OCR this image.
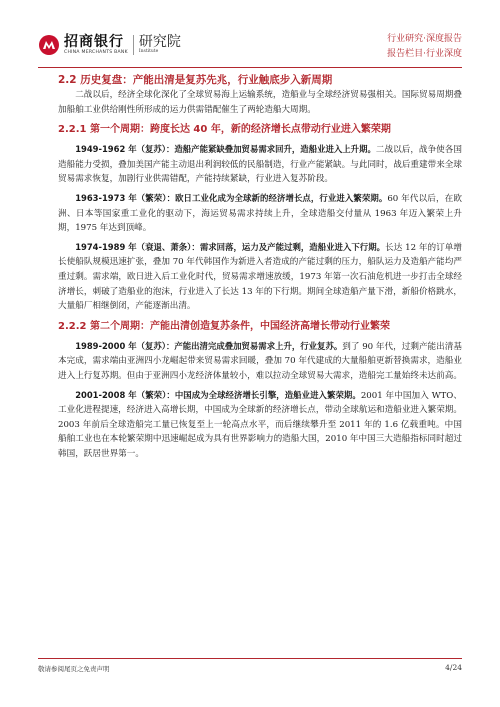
招商银行
CHINA MERCHANTS BANK
研究院
Institute
行业研究·深度报告
报告栏目·行业深度
2.2 历史复盘：产能出清是复苏先兆，行业触底步入新周期

二战以后，经济全球化深化了全球贸易海上运输系统，造船业与全球经济贸易强相关。国际贸易周期叠加船舶工业供给刚性所形成的运力供需错配催生了两轮造船大周期。

2.2.1 第一个周期：跨度长达 40 年，新的经济增长点带动行业进入繁荣期

1949-1962 年（复苏）：造船产能紧缺叠加贸易需求回升，造船业进入上升期。二战以后，战争使各国造船能力受损，叠加美国产能主动退出利润较低的民船制造，行业产能紧缺。与此同时，战后重建带来全球贸易需求恢复，加剧行业供需错配，产能持续紧缺，行业进入复苏阶段。

1963-1973 年（繁荣）：欧日工业化成为全球新的经济增长点，行业进入繁荣期。60 年代以后，在欧洲、日本等国家重工业化的驱动下，海运贸易需求持续上升，全球造船交付量从 1963 年迈入繁荣上升期，1975 年达到顶峰。

1974-1989 年（衰退、萧条）：需求回落，运力及产能过剩，造船业进入下行期。长达 12 年的订单增长使船队规模迅速扩张，叠加 70 年代韩国作为新进入者造成的产能过剩的压力，船队运力及造船产能均严重过剩。需求端，欧日进入后工业化时代，贸易需求增速放缓，1973 年第一次石油危机进一步打击全球经济增长，刺破了造船业的泡沫，行业进入了长达 13 年的下行期。期间全球造船产量下滑，新船价格跳水，大量船厂相继倒闭，产能逐渐出清。

2.2.2 第二个周期：产能出清创造复苏条件，中国经济高增长带动行业繁荣

1989-2000 年（复苏）：产能出清完成叠加贸易需求上升，行业复苏。到了 90 年代，过剩产能出清基本完成，需求端由亚洲四小龙崛起带来贸易需求回暖，叠加 70 年代建成的大量船舶更新替换需求，造船业进入上行复苏期。但由于亚洲四小龙经济体量较小，难以拉动全球贸易大需求，造船完工量始终未达前高。

2001-2008 年（繁荣）：中国成为全球经济增长引擎，造船业进入繁荣期。2001 年中国加入 WTO、工业化进程提速，经济进入高增长期，中国成为全球新的经济增长点，带动全球航运和造船业进入繁荣期。2003 年前后全球造船完工量已恢复至上一轮高点水平，而后继续攀升至 2011 年的 1.6 亿载重吨。中国船舶工业也在本轮繁荣期中迅速崛起成为具有世界影响力的造船大国，2010 年中国三大造船指标同时超过韩国，跃居世界第一。

敬请参阅尾页之免责声明	4/24
